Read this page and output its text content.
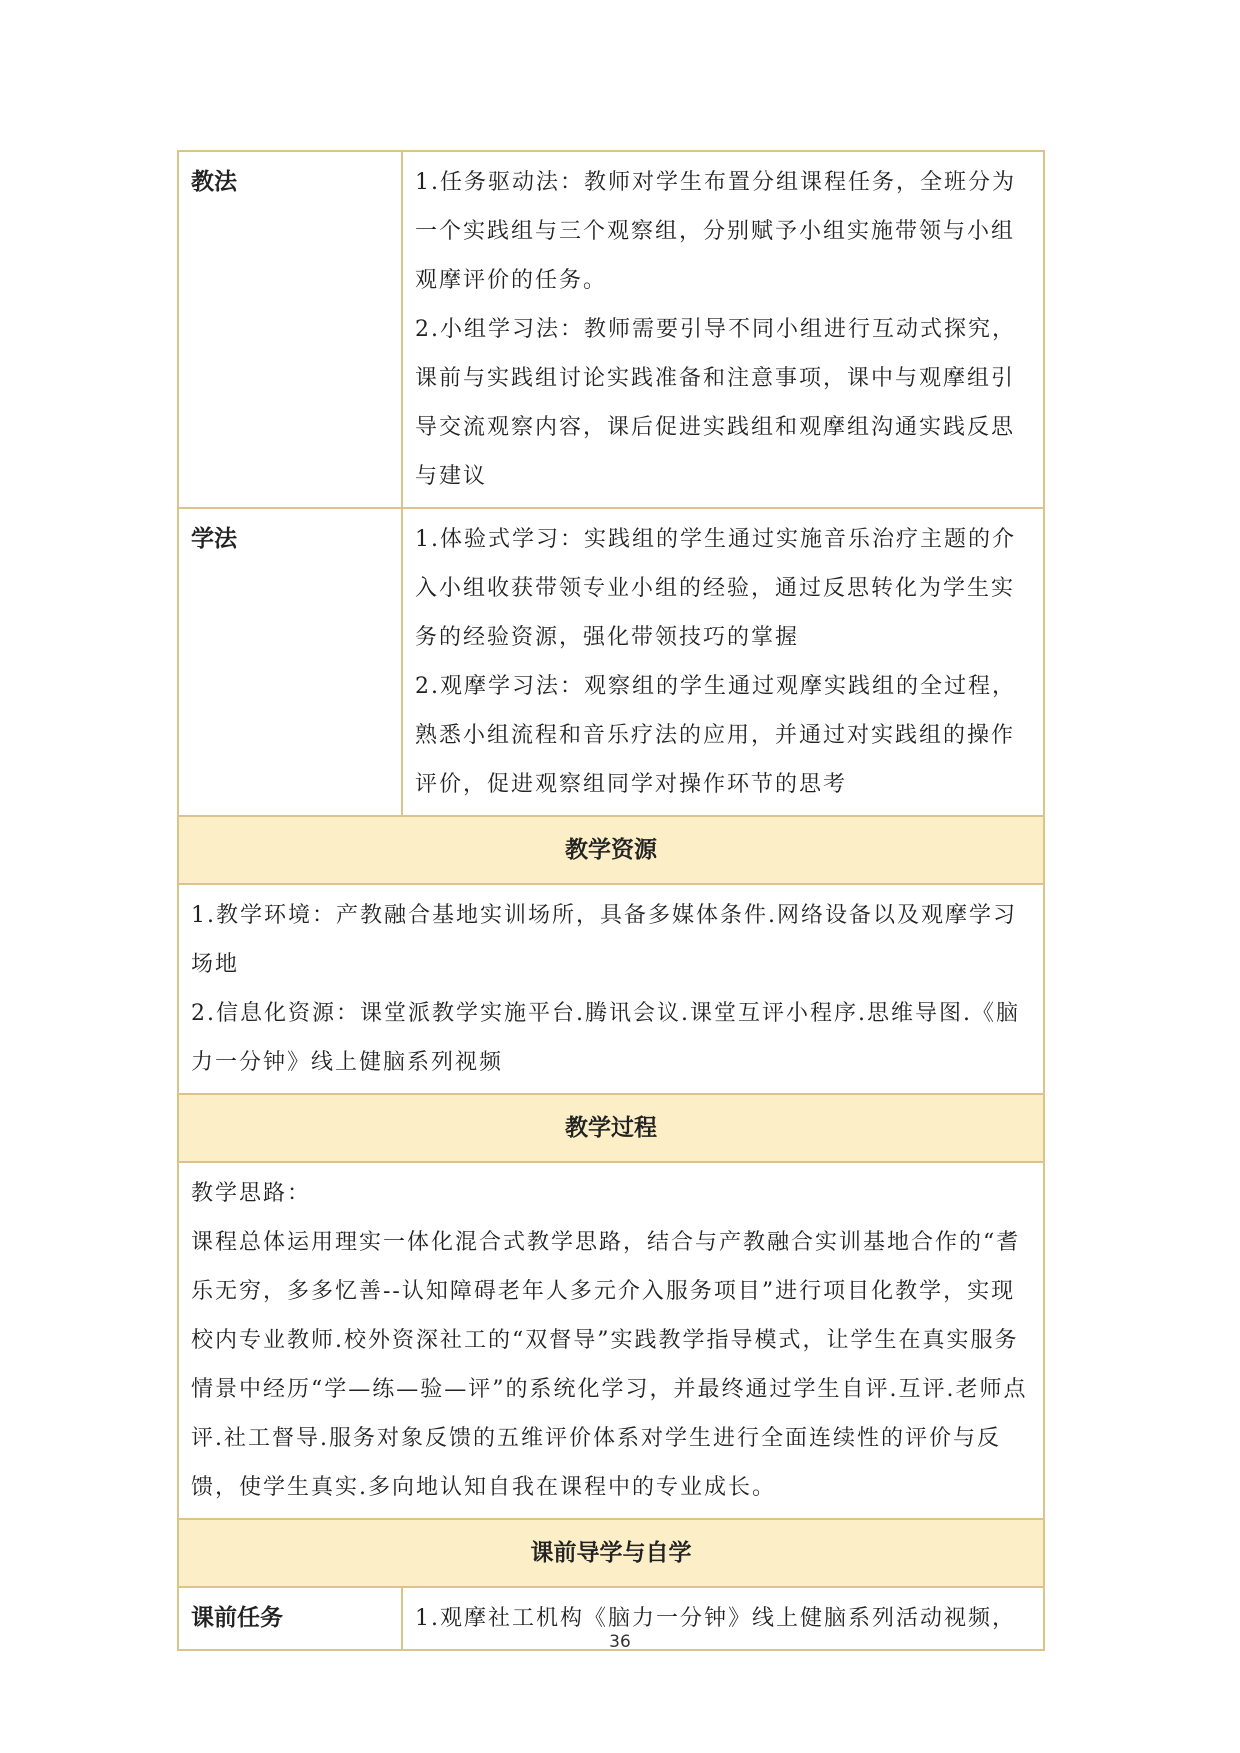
教法	1.任务驱动法：教师对学生布置分组课程任务，全班分为一个实践组与三个观察组，分别赋予小组实施带领与小组观摩评价的任务。
2.小组学习法：教师需要引导不同小组进行互动式探究，课前与实践组讨论实践准备和注意事项，课中与观摩组引导交流观察内容，课后促进实践组和观摩组沟通实践反思与建议

学法	1.体验式学习：实践组的学生通过实施音乐治疗主题的介入小组收获带领专业小组的经验，通过反思转化为学生实务的经验资源，强化带领技巧的掌握
2.观摩学习法：观察组的学生通过观摩实践组的全过程，熟悉小组流程和音乐疗法的应用，并通过对实践组的操作评价，促进观察组同学对操作环节的思考

教学资源	

1.教学环境：产教融合基地实训场所，具备多媒体条件.网络设备以及观摩学习场地
2.信息化资源：课堂派教学实施平台.腾讯会议.课堂互评小程序.思维导图.《脑力一分钟》线上健脑系列视频	

教学过程	

教学思路：
课程总体运用理实一体化混合式教学思路，结合与产教融合实训基地合作的“耆乐无穷，多多忆善--认知障碍老年人多元介入服务项目”进行项目化教学，实现校内专业教师.校外资深社工的“双督导”实践教学指导模式，让学生在真实服务情景中经历“学—练—验—评”的系统化学习，并最终通过学生自评.互评.老师点评.社工督导.服务对象反馈的五维评价体系对学生进行全面连续性的评价与反馈，使学生真实.多向地认知自我在课程中的专业成长。	

课前导学与自学	
课前任务	1.观摩社工机构《脑力一分钟》线上健脑系列活动视频，
36
